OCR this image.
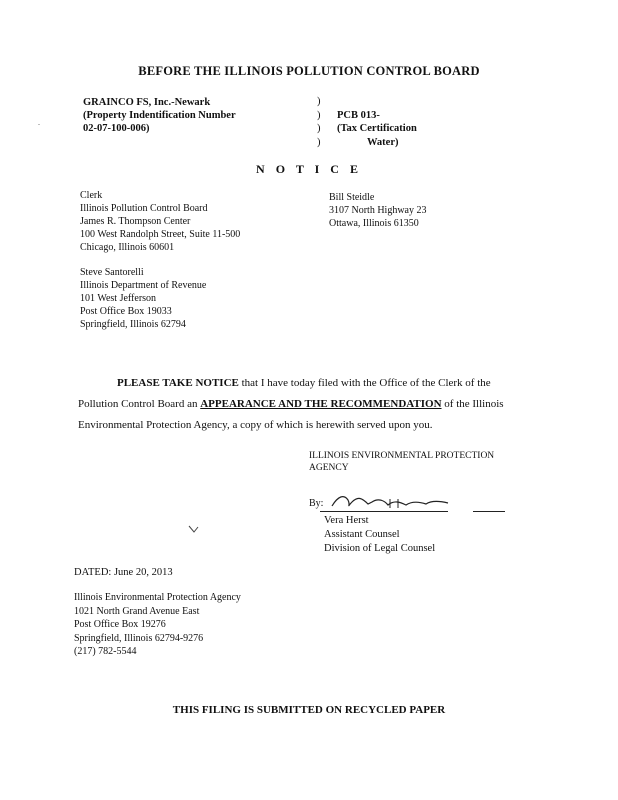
BEFORE THE ILLINOIS POLLUTION CONTROL BOARD
.
GRAINCO FS, Inc.-Newark
(Property Indentification Number
02-07-100-006)
)
) PCB 013-
) (Tax Certification
)	Water)
N O T I C E
Clerk
Illinois Pollution Control Board
James R. Thompson Center
100 West Randolph Street, Suite 11-500
Chicago, Illinois 60601
Bill Steidle
3107 North Highway 23
Ottawa, Illinois 61350
Steve Santorelli
Illinois Department of Revenue
101 West Jefferson
Post Office Box 19033
Springfield, Illinois 62794
PLEASE TAKE NOTICE that I have today filed with the Office of the Clerk of the
Pollution Control Board an APPEARANCE AND THE RECOMMENDATION of the Illinois
Environmental Protection Agency, a copy of which is herewith served upon you.
ILLINOIS ENVIRONMENTAL PROTECTION
AGENCY
By:
Vera Herst
Assistant Counsel
Division of Legal Counsel
DATED: June 20, 2013
Illinois Environmental Protection Agency
1021 North Grand Avenue East
Post Office Box 19276
Springfield, Illinois 62794-9276
(217) 782-5544
THIS FILING IS SUBMITTED ON RECYCLED PAPER
